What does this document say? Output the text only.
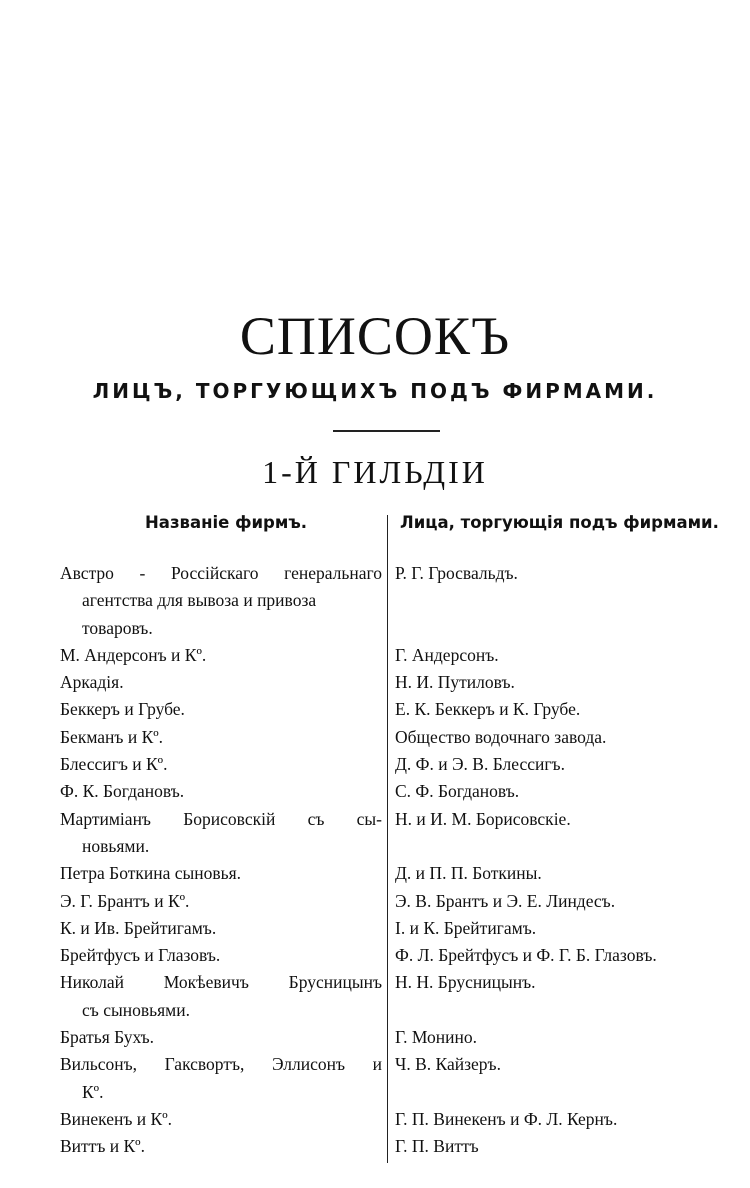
СПИСОКЪ
ЛИЦЪ, ТОРГУЮЩИХЪ ПОДЪ ФИРМАМИ.
1-Й ГИЛЬДIИ
Названiе фирмъ.	Лица, торгующiя подъ фирмами.
Австро - Россiйскаго генеральнаго
агентства для вывоза и привоза
товаровъ.
М. Андерсонъ и Кº.
Аркадiя.
Беккеръ и Грубе.
Бекманъ и Кº.
Блессигъ и Кº.
Ф. К. Богдановъ.
Мартимiанъ Борисовскiй съ сы-
новьями.
Петра Боткина сыновья.
Э. Г. Брантъ и Кº.
К. и Ив. Брейтигамъ.
Брейтфусъ и Глазовъ.
Николай Мокѣевичъ Брусницынъ
съ сыновьями.
Братья Бухъ.
Вильсонъ, Гаксвортъ, Эллисонъ и
Кº.
Винекенъ и Кº.
Виттъ и Кº.
Р. Г. Гросвальдъ.
Г. Андерсонъ.
Н. И. Путиловъ.
Е. К. Беккеръ и К. Грубе.
Общество водочнаго завода.
Д. Ф. и Э. В. Блессигъ.
С. Ф. Богдановъ.
Н. и И. М. Борисовскiе.
Д. и П. П. Боткины.
Э. В. Брантъ и Э. Е. Линдесъ.
I. и К. Брейтигамъ.
Ф. Л. Брейтфусъ и Ф. Г. Б. Глазовъ.
Н. Н. Брусницынъ.
Г. Монино.
Ч. В. Кайзеръ.
Г. П. Винекенъ и Ф. Л. Кернъ.
Г. П. Виттъ
